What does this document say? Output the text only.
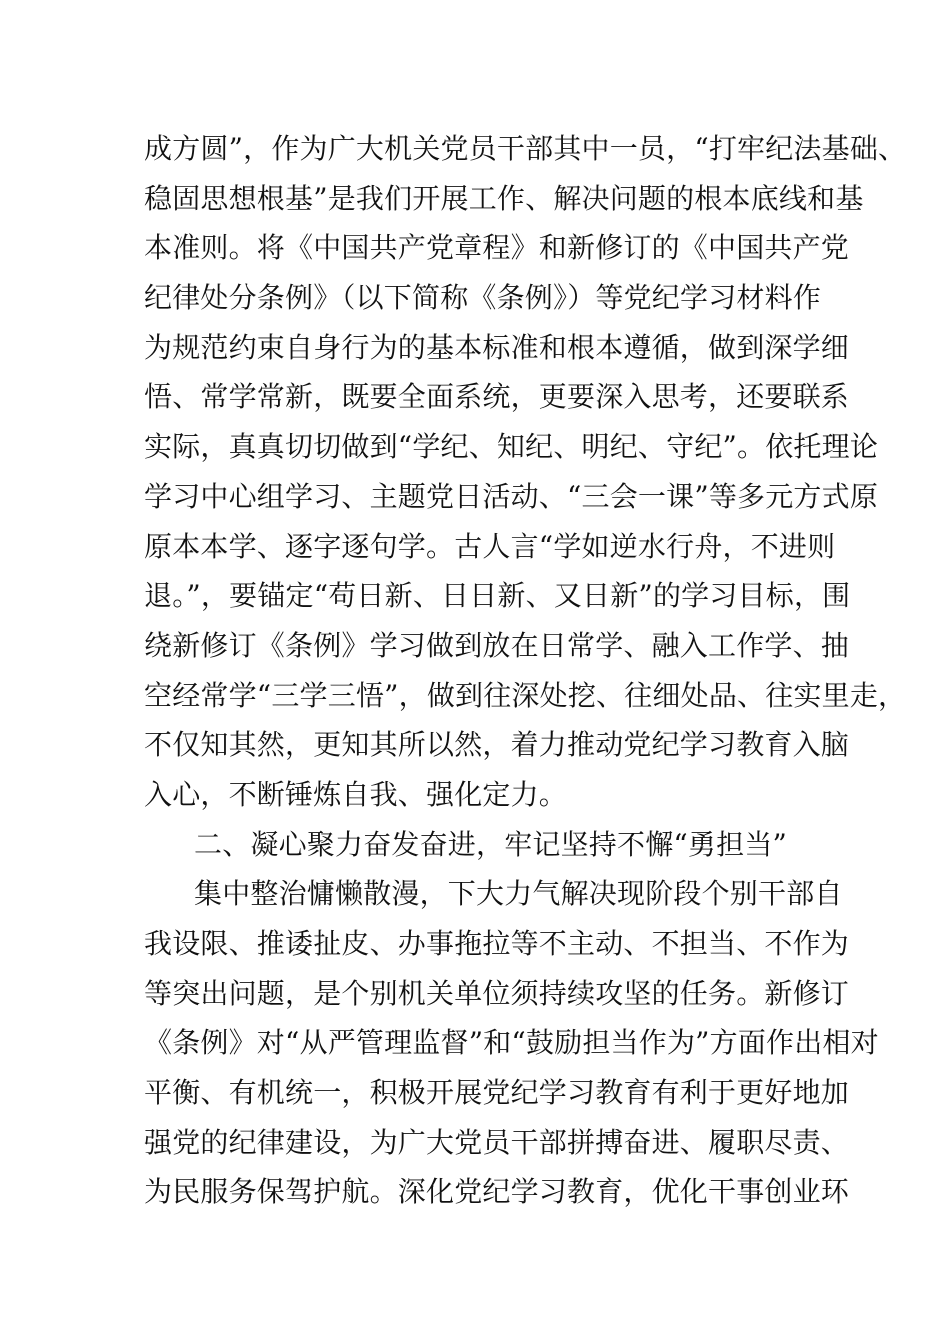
成方圆”，作为广大机关党员干部其中一员，“打牢纪法基础、
稳固思想根基”是我们开展工作、解决问题的根本底线和基
本准则。将《中国共产党章程》和新修订的《中国共产党
纪律处分条例》（以下简称《条例》）等党纪学习材料作
为规范约束自身行为的基本标准和根本遵循，做到深学细
悟、常学常新，既要全面系统，更要深入思考，还要联系
实际，真真切切做到“学纪、知纪、明纪、守纪”。依托理论
学习中心组学习、主题党日活动、“三会一课”等多元方式原
原本本学、逐字逐句学。古人言“学如逆水行舟，不进则
退。”，要锚定“苟日新、日日新、又日新”的学习目标，围
绕新修订《条例》学习做到放在日常学、融入工作学、抽
空经常学“三学三悟”，做到往深处挖、往细处品、往实里走，
不仅知其然，更知其所以然，着力推动党纪学习教育入脑
入心，不断锤炼自我、强化定力。
二、凝心聚力奋发奋进，牢记坚持不懈“勇担当”
集中整治慵懒散漫，下大力气解决现阶段个别干部自
我设限、推诿扯皮、办事拖拉等不主动、不担当、不作为
等突出问题，是个别机关单位须持续攻坚的任务。新修订
《条例》对“从严管理监督”和“鼓励担当作为”方面作出相对
平衡、有机统一，积极开展党纪学习教育有利于更好地加
强党的纪律建设，为广大党员干部拼搏奋进、履职尽责、
为民服务保驾护航。深化党纪学习教育，优化干事创业环
